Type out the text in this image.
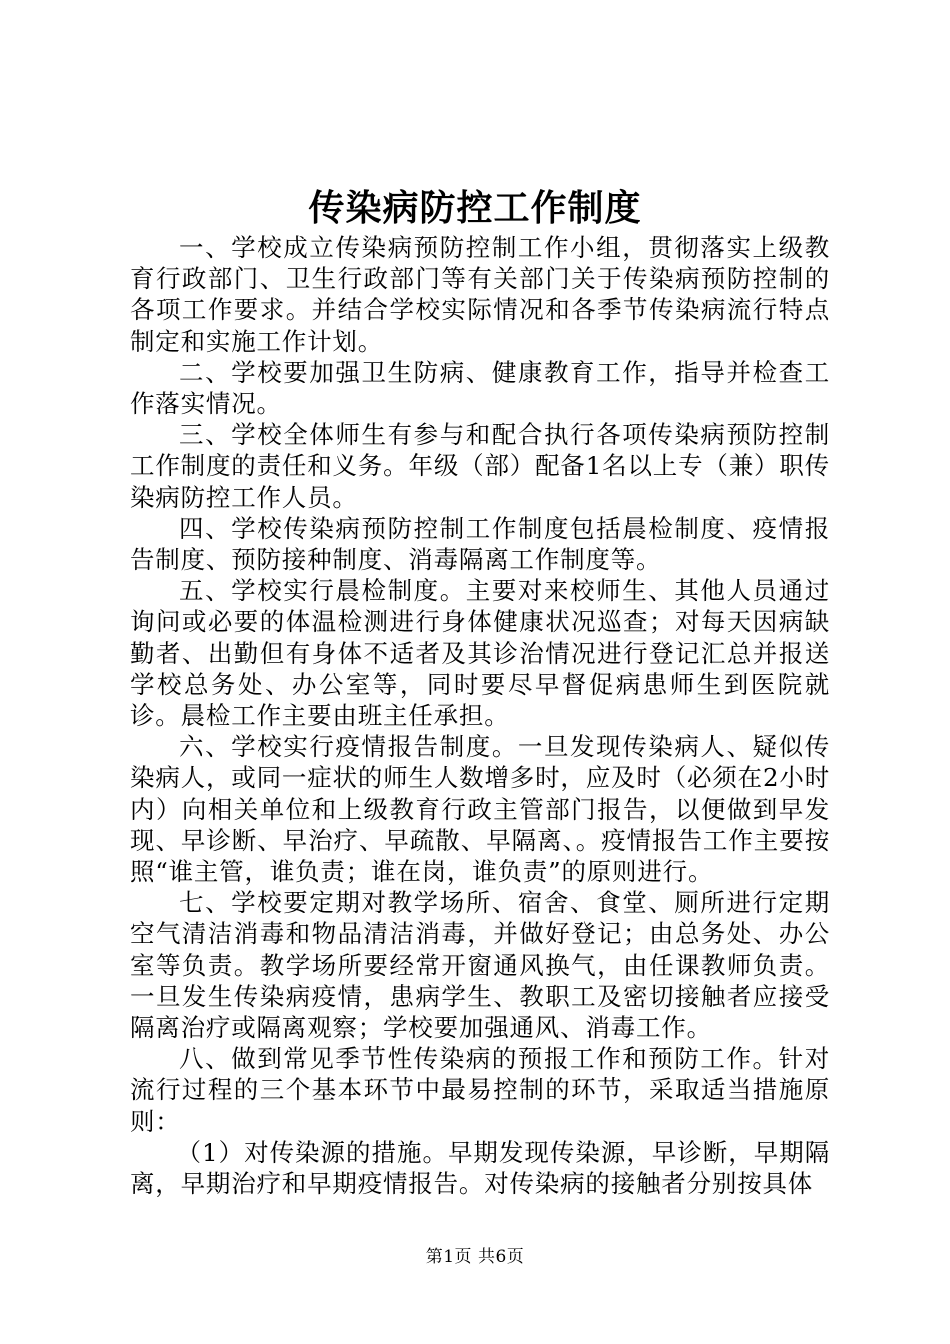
传染病防控工作制度

一、学校成立传染病预防控制工作小组，贯彻落实上级教育行政部门、卫生行政部门等有关部门关于传染病预防控制的各项工作要求。并结合学校实际情况和各季节传染病流行特点制定和实施工作计划。

二、学校要加强卫生防病、健康教育工作，指导并检查工作落实情况。

三、学校全体师生有参与和配合执行各项传染病预防控制工作制度的责任和义务。年级（部）配备1名以上专（兼）职传染病防控工作人员。

四、学校传染病预防控制工作制度包括晨检制度、疫情报告制度、预防接种制度、消毒隔离工作制度等。

五、学校实行晨检制度。主要对来校师生、其他人员通过询问或必要的体温检测进行身体健康状况巡查；对每天因病缺勤者、出勤但有身体不适者及其诊治情况进行登记汇总并报送学校总务处、办公室等，同时要尽早督促病患师生到医院就诊。晨检工作主要由班主任承担。

六、学校实行疫情报告制度。一旦发现传染病人、疑似传染病人，或同一症状的师生人数增多时，应及时（必须在2小时内）向相关单位和上级教育行政主管部门报告，以便做到早发现、早诊断、早治疗、早疏散、早隔离、。疫情报告工作主要按照“谁主管，谁负责；谁在岗，谁负责”的原则进行。

七、学校要定期对教学场所、宿舍、食堂、厕所进行定期空气清洁消毒和物品清洁消毒，并做好登记；由总务处、办公室等负责。教学场所要经常开窗通风换气，由任课教师负责。一旦发生传染病疫情，患病学生、教职工及密切接触者应接受隔离治疗或隔离观察；学校要加强通风、消毒工作。

八、做到常见季节性传染病的预报工作和预防工作。针对流行过程的三个基本环节中最易控制的环节，采取适当措施原则：

（1）对传染源的措施。早期发现传染源，早诊断，早期隔离，早期治疗和早期疫情报告。对传染病的接触者分别按具体

第1页 共6页
